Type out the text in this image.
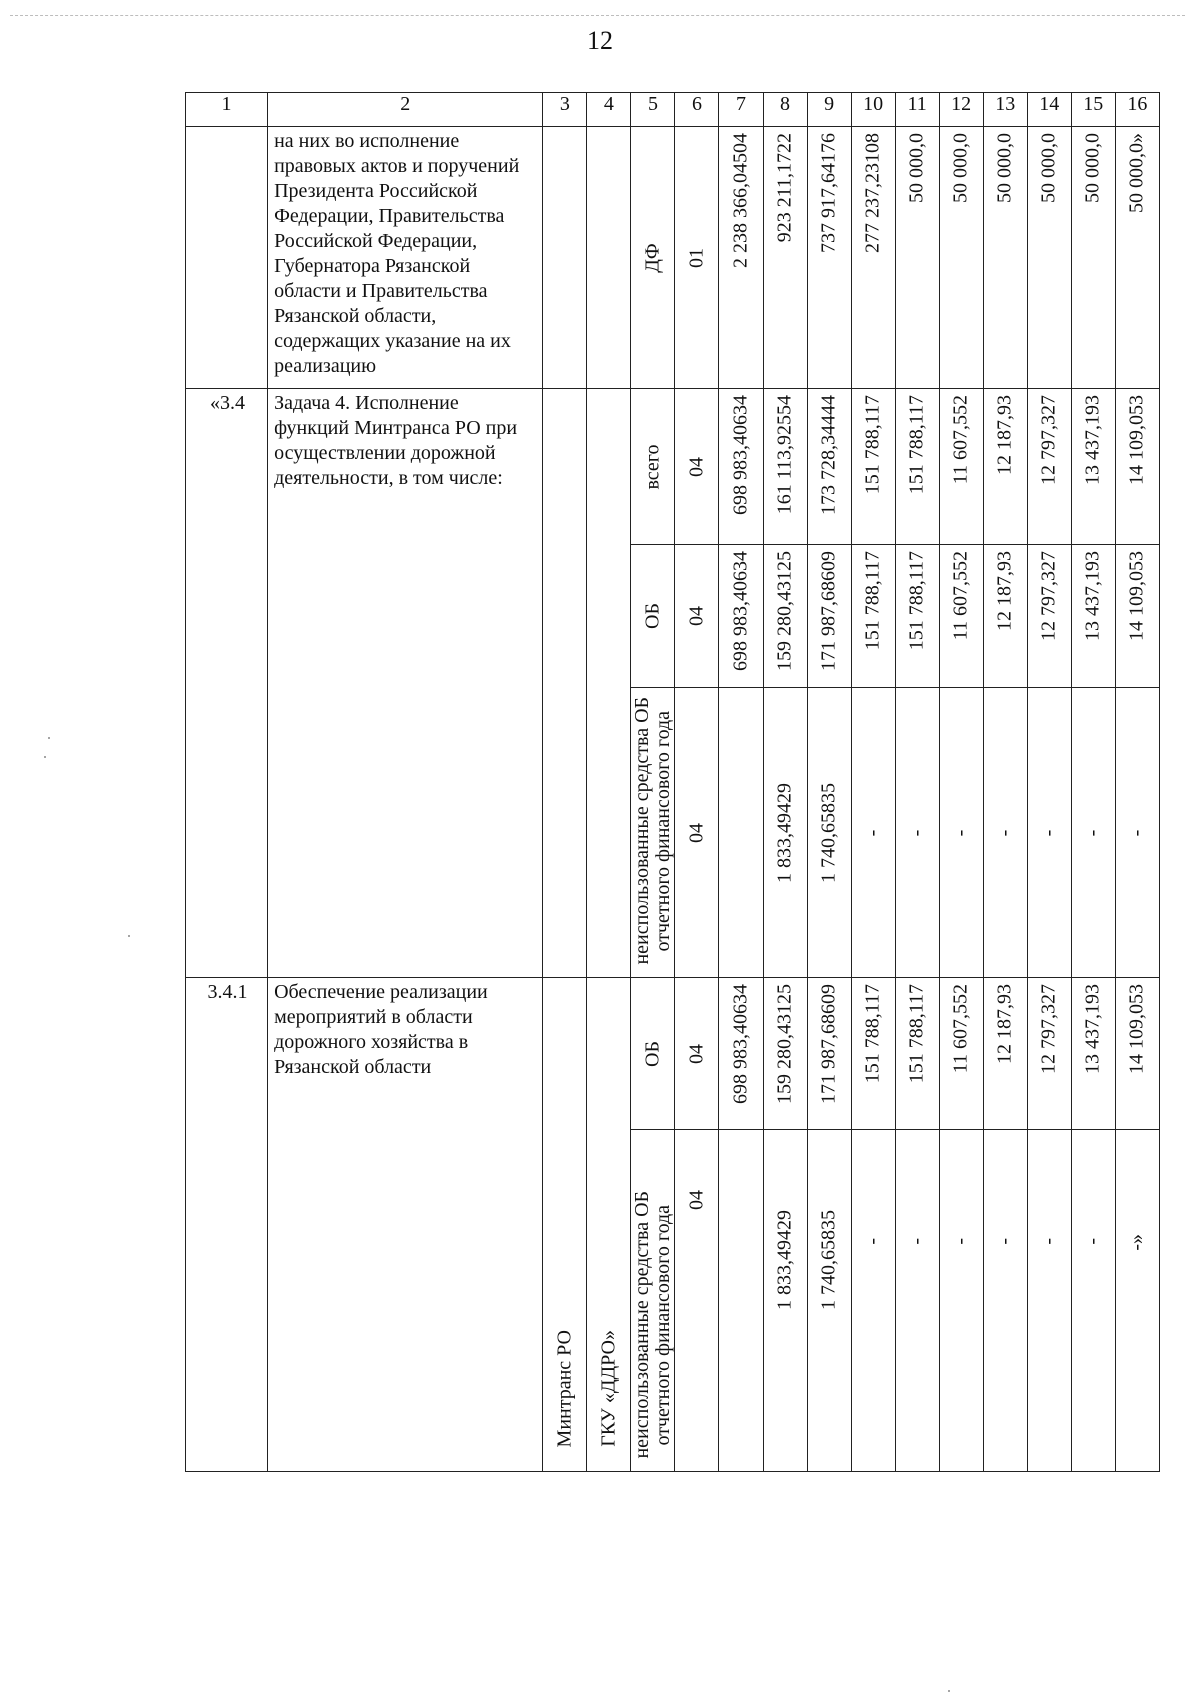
12
1	2	3	4	5	6	7	8	9	10	11	12	13	14	15	16
	на них во исполнение правовых актов и поручений Президента Российской Федерации, Правительства Российской Федерации, Губернатора Рязанской области и Правительства Рязанской области, содержащих указание на их реализацию			ДФ	01	2 238 366,04504	923 211,1722	737 917,64176	277 237,23108	50 000,0	50 000,0	50 000,0	50 000,0	50 000,0	50 000,0»

«3.4	Задача 4. Исполнение функций Минтранса РО при осуществлении дорожной деятельности, в том числе:			всего	04	698 983,40634	161 113,92554	173 728,34444	151 788,117	151 788,117	11 607,552	12 187,93	12 797,327	13 437,193	14 109,053

				ОБ	04	698 983,40634	159 280,43125	171 987,68609	151 788,117	151 788,117	11 607,552	12 187,93	12 797,327	13 437,193	14 109,053

				неиспользованные средства ОБ
отчетного финансового года	04		1 833,49429	1 740,65835	-	-	-	-	-	-	-

3.4.1	Обеспечение реализации мероприятий в области дорожного хозяйства в Рязанской области	Минтранс РО	ГКУ «ДДРО»	ОБ	04	698 983,40634	159 280,43125	171 987,68609	151 788,117	151 788,117	11 607,552	12 187,93	12 797,327	13 437,193	14 109,053

				неиспользованные средства ОБ
отчетного финансового года	04		1 833,49429	1 740,65835	-	-	-	-	-	-	-»
